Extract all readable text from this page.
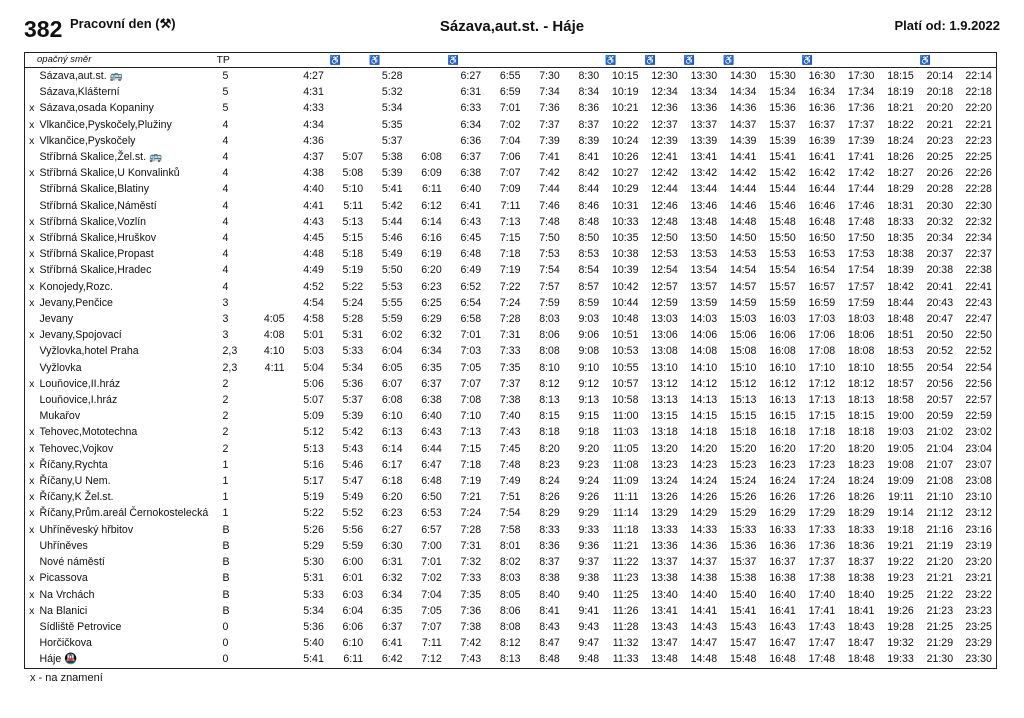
382 Pracovní den (⚒)	Sázava,aut.st. - Háje	Platí od: 1.9.2022
opačný směr		TP			♿	♿		♿				♿	♿	♿	♿		♿			♿	
	Sázava,aut.st. 🚌	5		4:27		5:28		6:27	6:55	7:30	8:30	10:15	12:30	13:30	14:30	15:30	16:30	17:30	18:15	20:14	22:14
	Sázava,Klášterní	5		4:31		5:32		6:31	6:59	7:34	8:34	10:19	12:34	13:34	14:34	15:34	16:34	17:34	18:19	20:18	22:18
x	Sázava,osada Kopaniny	5		4:33		5:34		6:33	7:01	7:36	8:36	10:21	12:36	13:36	14:36	15:36	16:36	17:36	18:21	20:20	22:20
x	Vlkančice,Pyskočely,Plužiny	4		4:34		5:35		6:34	7:02	7:37	8:37	10:22	12:37	13:37	14:37	15:37	16:37	17:37	18:22	20:21	22:21
x	Vlkančice,Pyskočely	4		4:36		5:37		6:36	7:04	7:39	8:39	10:24	12:39	13:39	14:39	15:39	16:39	17:39	18:24	20:23	22:23
	Stříbrná Skalice,Žel.st. 🚌	4		4:37	5:07	5:38	6:08	6:37	7:06	7:41	8:41	10:26	12:41	13:41	14:41	15:41	16:41	17:41	18:26	20:25	22:25
x	Stříbrná Skalice,U Konvalinků	4		4:38	5:08	5:39	6:09	6:38	7:07	7:42	8:42	10:27	12:42	13:42	14:42	15:42	16:42	17:42	18:27	20:26	22:26
	Stříbrná Skalice,Blatiny	4		4:40	5:10	5:41	6:11	6:40	7:09	7:44	8:44	10:29	12:44	13:44	14:44	15:44	16:44	17:44	18:29	20:28	22:28
	Stříbrná Skalice,Náměstí	4		4:41	5:11	5:42	6:12	6:41	7:11	7:46	8:46	10:31	12:46	13:46	14:46	15:46	16:46	17:46	18:31	20:30	22:30
x	Stříbrná Skalice,Vozlín	4		4:43	5:13	5:44	6:14	6:43	7:13	7:48	8:48	10:33	12:48	13:48	14:48	15:48	16:48	17:48	18:33	20:32	22:32
x	Stříbrná Skalice,Hruškov	4		4:45	5:15	5:46	6:16	6:45	7:15	7:50	8:50	10:35	12:50	13:50	14:50	15:50	16:50	17:50	18:35	20:34	22:34
x	Stříbrná Skalice,Propast	4		4:48	5:18	5:49	6:19	6:48	7:18	7:53	8:53	10:38	12:53	13:53	14:53	15:53	16:53	17:53	18:38	20:37	22:37
x	Stříbrná Skalice,Hradec	4		4:49	5:19	5:50	6:20	6:49	7:19	7:54	8:54	10:39	12:54	13:54	14:54	15:54	16:54	17:54	18:39	20:38	22:38
x	Konojedy,Rozc.	4		4:52	5:22	5:53	6:23	6:52	7:22	7:57	8:57	10:42	12:57	13:57	14:57	15:57	16:57	17:57	18:42	20:41	22:41
x	Jevany,Penčice	3		4:54	5:24	5:55	6:25	6:54	7:24	7:59	8:59	10:44	12:59	13:59	14:59	15:59	16:59	17:59	18:44	20:43	22:43
	Jevany	3	4:05	4:58	5:28	5:59	6:29	6:58	7:28	8:03	9:03	10:48	13:03	14:03	15:03	16:03	17:03	18:03	18:48	20:47	22:47
x	Jevany,Spojovací	3	4:08	5:01	5:31	6:02	6:32	7:01	7:31	8:06	9:06	10:51	13:06	14:06	15:06	16:06	17:06	18:06	18:51	20:50	22:50
	Vyžlovka,hotel Praha	2,3	4:10	5:03	5:33	6:04	6:34	7:03	7:33	8:08	9:08	10:53	13:08	14:08	15:08	16:08	17:08	18:08	18:53	20:52	22:52
	Vyžlovka	2,3	4:11	5:04	5:34	6:05	6:35	7:05	7:35	8:10	9:10	10:55	13:10	14:10	15:10	16:10	17:10	18:10	18:55	20:54	22:54
x	Louňovice,II.hráz	2		5:06	5:36	6:07	6:37	7:07	7:37	8:12	9:12	10:57	13:12	14:12	15:12	16:12	17:12	18:12	18:57	20:56	22:56
	Louňovice,I.hráz	2		5:07	5:37	6:08	6:38	7:08	7:38	8:13	9:13	10:58	13:13	14:13	15:13	16:13	17:13	18:13	18:58	20:57	22:57
	Mukařov	2		5:09	5:39	6:10	6:40	7:10	7:40	8:15	9:15	11:00	13:15	14:15	15:15	16:15	17:15	18:15	19:00	20:59	22:59
x	Tehovec,Mototechna	2		5:12	5:42	6:13	6:43	7:13	7:43	8:18	9:18	11:03	13:18	14:18	15:18	16:18	17:18	18:18	19:03	21:02	23:02
x	Tehovec,Vojkov	2		5:13	5:43	6:14	6:44	7:15	7:45	8:20	9:20	11:05	13:20	14:20	15:20	16:20	17:20	18:20	19:05	21:04	23:04
x	Říčany,Rychta	1		5:16	5:46	6:17	6:47	7:18	7:48	8:23	9:23	11:08	13:23	14:23	15:23	16:23	17:23	18:23	19:08	21:07	23:07
x	Říčany,U Nem.	1		5:17	5:47	6:18	6:48	7:19	7:49	8:24	9:24	11:09	13:24	14:24	15:24	16:24	17:24	18:24	19:09	21:08	23:08
x	Říčany,K Žel.st.	1		5:19	5:49	6:20	6:50	7:21	7:51	8:26	9:26	11:11	13:26	14:26	15:26	16:26	17:26	18:26	19:11	21:10	23:10
x	Říčany,Prům.areál Černokostelecká	1		5:22	5:52	6:23	6:53	7:24	7:54	8:29	9:29	11:14	13:29	14:29	15:29	16:29	17:29	18:29	19:14	21:12	23:12
x	Uhříněveský hřbitov	B		5:26	5:56	6:27	6:57	7:28	7:58	8:33	9:33	11:18	13:33	14:33	15:33	16:33	17:33	18:33	19:18	21:16	23:16
	Uhříněves	B		5:29	5:59	6:30	7:00	7:31	8:01	8:36	9:36	11:21	13:36	14:36	15:36	16:36	17:36	18:36	19:21	21:19	23:19
	Nové náměstí	B		5:30	6:00	6:31	7:01	7:32	8:02	8:37	9:37	11:22	13:37	14:37	15:37	16:37	17:37	18:37	19:22	21:20	23:20
x	Picassova	B		5:31	6:01	6:32	7:02	7:33	8:03	8:38	9:38	11:23	13:38	14:38	15:38	16:38	17:38	18:38	19:23	21:21	23:21
x	Na Vrchách	B		5:33	6:03	6:34	7:04	7:35	8:05	8:40	9:40	11:25	13:40	14:40	15:40	16:40	17:40	18:40	19:25	21:22	23:22
x	Na Blanici	B		5:34	6:04	6:35	7:05	7:36	8:06	8:41	9:41	11:26	13:41	14:41	15:41	16:41	17:41	18:41	19:26	21:23	23:23
	Sídliště Petrovice	0		5:36	6:06	6:37	7:07	7:38	8:08	8:43	9:43	11:28	13:43	14:43	15:43	16:43	17:43	18:43	19:28	21:25	23:25
	Horčičkova	0		5:40	6:10	6:41	7:11	7:42	8:12	8:47	9:47	11:32	13:47	14:47	15:47	16:47	17:47	18:47	19:32	21:29	23:29
	Háje 🚇	0		5:41	6:11	6:42	7:12	7:43	8:13	8:48	9:48	11:33	13:48	14:48	15:48	16:48	17:48	18:48	19:33	21:30	23:30
x - na znamení
